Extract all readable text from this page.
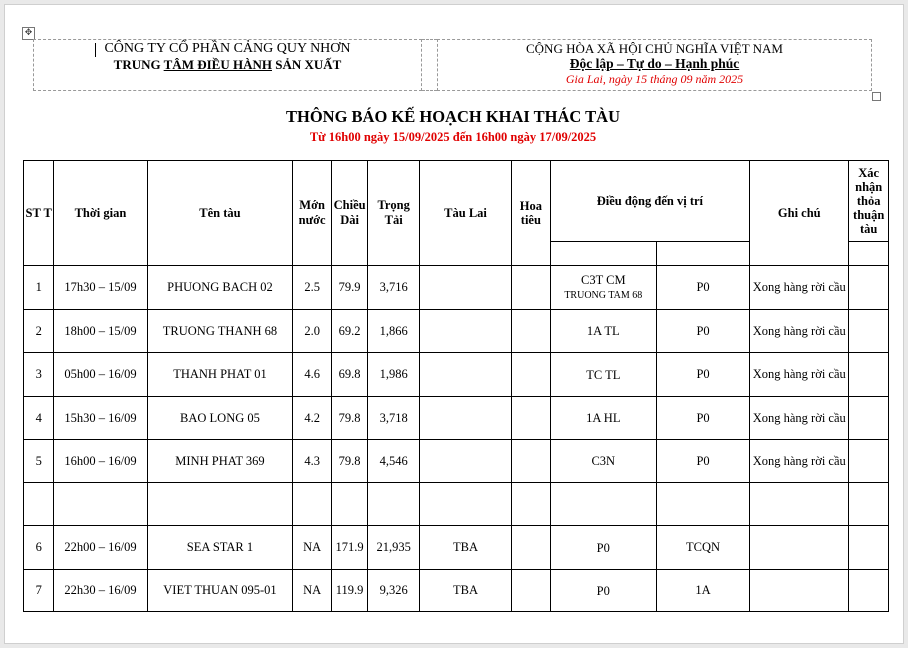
✥
CÔNG TY CỔ PHẦN CẢNG QUY NHƠN
TRUNG TÂM ĐIỀU HÀNH SẢN XUẤT
CỘNG HÒA XÃ HỘI CHỦ NGHĨA VIỆT NAM
Độc lập – Tự do – Hạnh phúc
Gia Lai, ngày 15 tháng 09 năm 2025
THÔNG BÁO KẾ HOẠCH KHAI THÁC TÀU
Từ 16h00 ngày 15/09/2025 đến 16h00 ngày 17/09/2025
ST T	Thời gian	Tên tàu	Mớn nước	Chiều Dài	Trọng Tải	Tàu Lai	Hoa tiêu	Điều động đến vị trí		Ghi chú	Xác nhận thỏa thuận tàu

1	17h30 – 15/09	PHUONG BACH 02	2.5	79.9	3,716			C3T CM
TRUONG TAM 68	P0	Xong hàng rời cầu	
2	18h00 – 15/09	TRUONG THANH 68	2.0	69.2	1,866			1A TL	P0	Xong hàng rời cầu	
3	05h00 – 16/09	THANH PHAT 01	4.6	69.8	1,986			TC TL	P0	Xong hàng rời cầu	
4	15h30 – 16/09	BAO LONG 05	4.2	79.8	3,718			1A HL	P0	Xong hàng rời cầu	
5	16h00 – 16/09	MINH PHAT 369	4.3	79.8	4,546			C3N	P0	Xong hàng rời cầu	

6	22h00 – 16/09	SEA STAR 1	NA	171.9	21,935	TBA		P0	TCQN		
7	22h30 – 16/09	VIET THUAN 095-01	NA	119.9	9,326	TBA		P0	1A		
